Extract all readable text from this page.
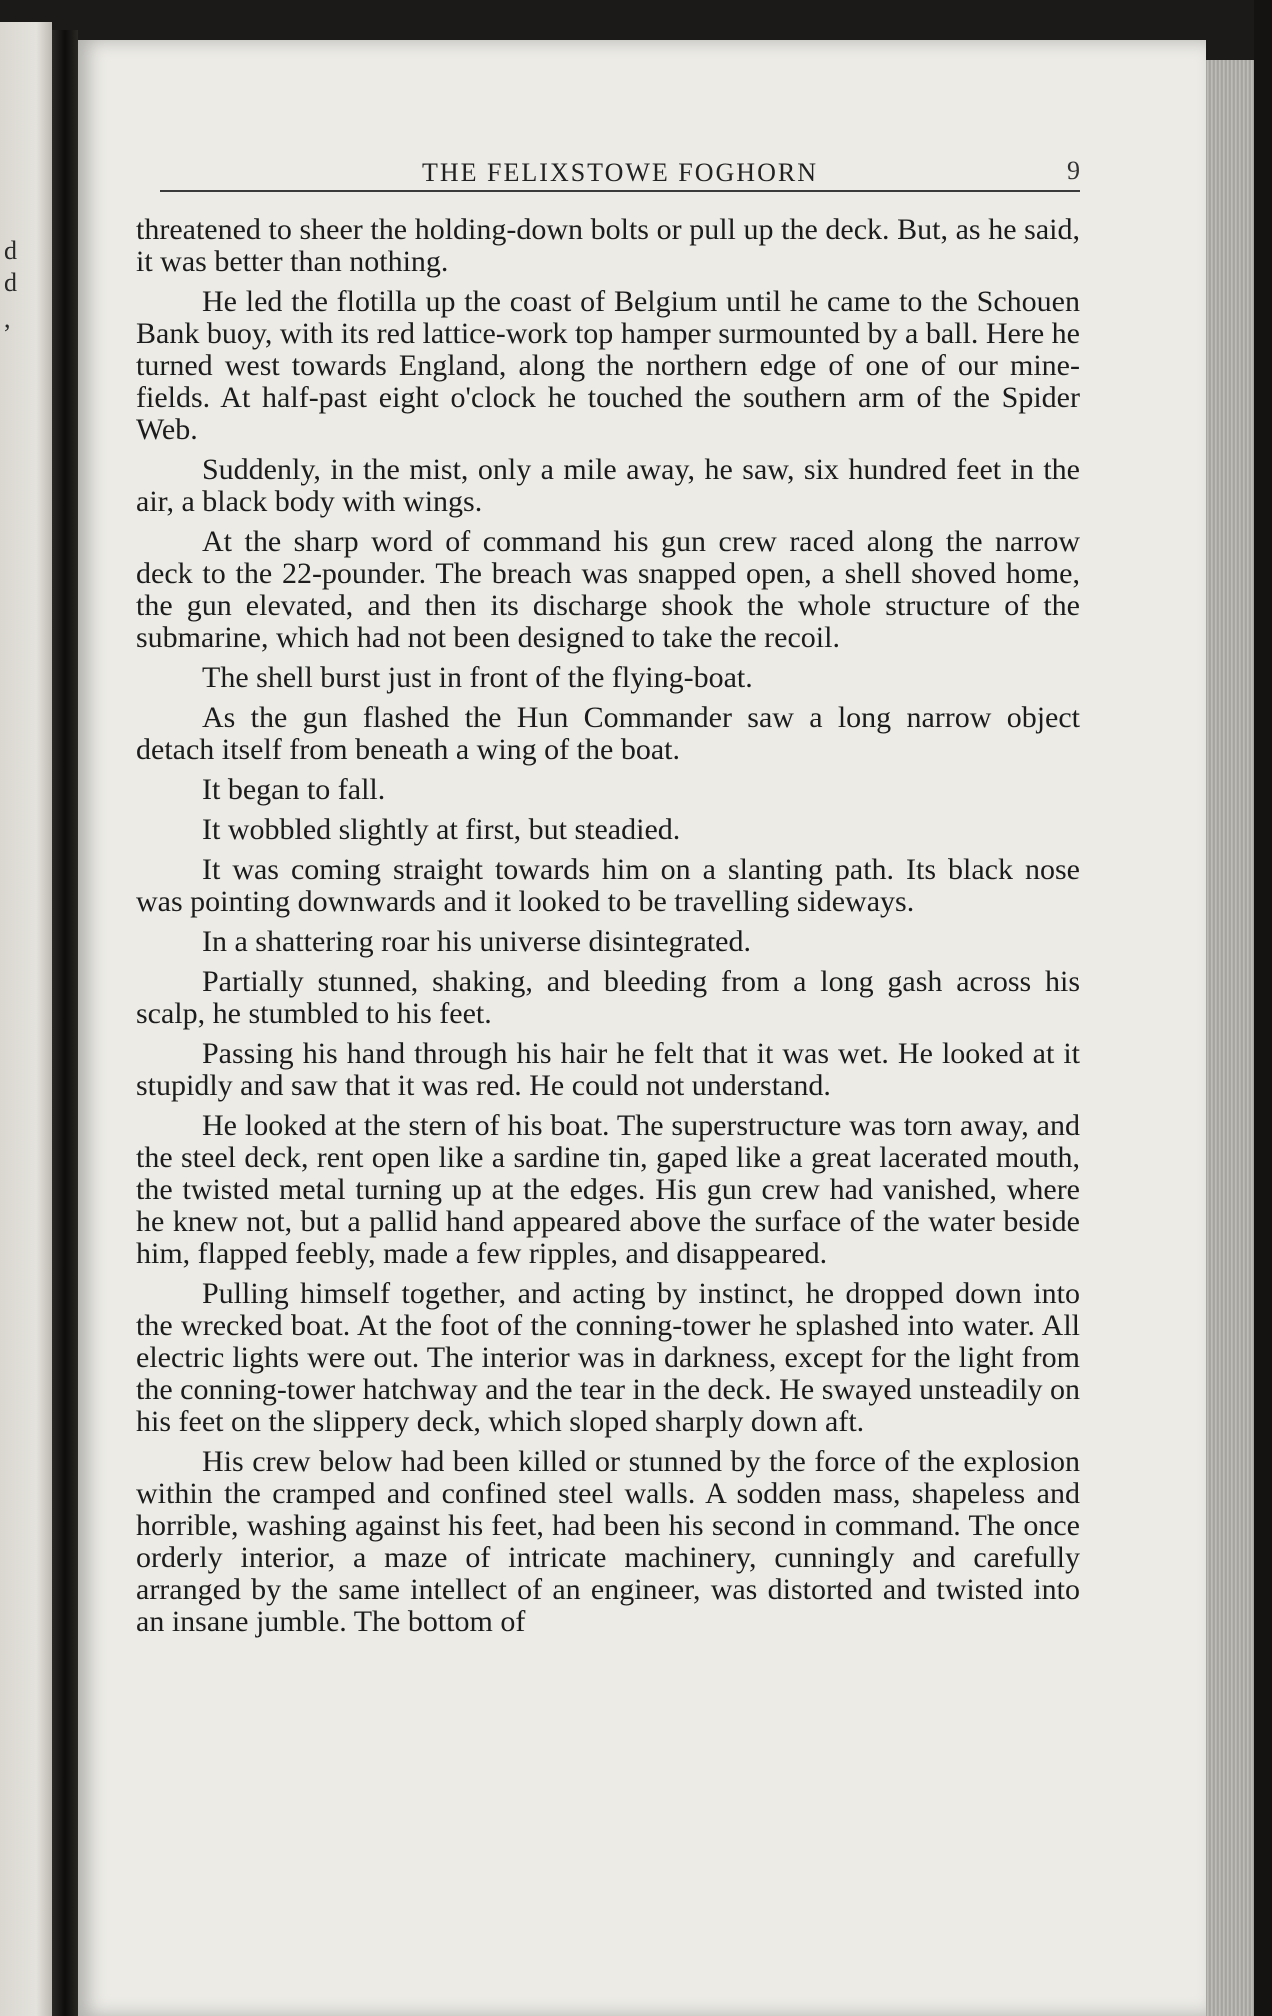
d
d
,
THE FELIXSTOWE FOGHORN	9

threatened to sheer the holding-down bolts or pull up the deck. But, as he said, it was better than nothing.

He led the flotilla up the coast of Belgium until he came to the Schouen Bank buoy, with its red lattice-work top hamper surmounted by a ball. Here he turned west towards England, along the northern edge of one of our mine-fields. At half-past eight o'clock he touched the southern arm of the Spider Web.

Suddenly, in the mist, only a mile away, he saw, six hundred feet in the air, a black body with wings.

At the sharp word of command his gun crew raced along the narrow deck to the 22-pounder. The breach was snapped open, a shell shoved home, the gun elevated, and then its discharge shook the whole structure of the submarine, which had not been designed to take the recoil.

The shell burst just in front of the flying-boat.

As the gun flashed the Hun Commander saw a long narrow object detach itself from beneath a wing of the boat.

It began to fall.

It wobbled slightly at first, but steadied.

It was coming straight towards him on a slanting path. Its black nose was pointing downwards and it looked to be travelling sideways.

In a shattering roar his universe disintegrated.

Partially stunned, shaking, and bleeding from a long gash across his scalp, he stumbled to his feet.

Passing his hand through his hair he felt that it was wet. He looked at it stupidly and saw that it was red. He could not understand.

He looked at the stern of his boat. The superstructure was torn away, and the steel deck, rent open like a sardine tin, gaped like a great lacerated mouth, the twisted metal turning up at the edges. His gun crew had vanished, where he knew not, but a pallid hand appeared above the surface of the water beside him, flapped feebly, made a few ripples, and disappeared.

Pulling himself together, and acting by instinct, he dropped down into the wrecked boat. At the foot of the conning-tower he splashed into water. All electric lights were out. The interior was in darkness, except for the light from the conning-tower hatchway and the tear in the deck. He swayed unsteadily on his feet on the slippery deck, which sloped sharply down aft.

His crew below had been killed or stunned by the force of the explosion within the cramped and confined steel walls. A sodden mass, shapeless and horrible, washing against his feet, had been his second in command. The once orderly interior, a maze of intricate machinery, cunningly and carefully arranged by the same intellect of an engineer, was distorted and twisted into an insane jumble. The bottom of
